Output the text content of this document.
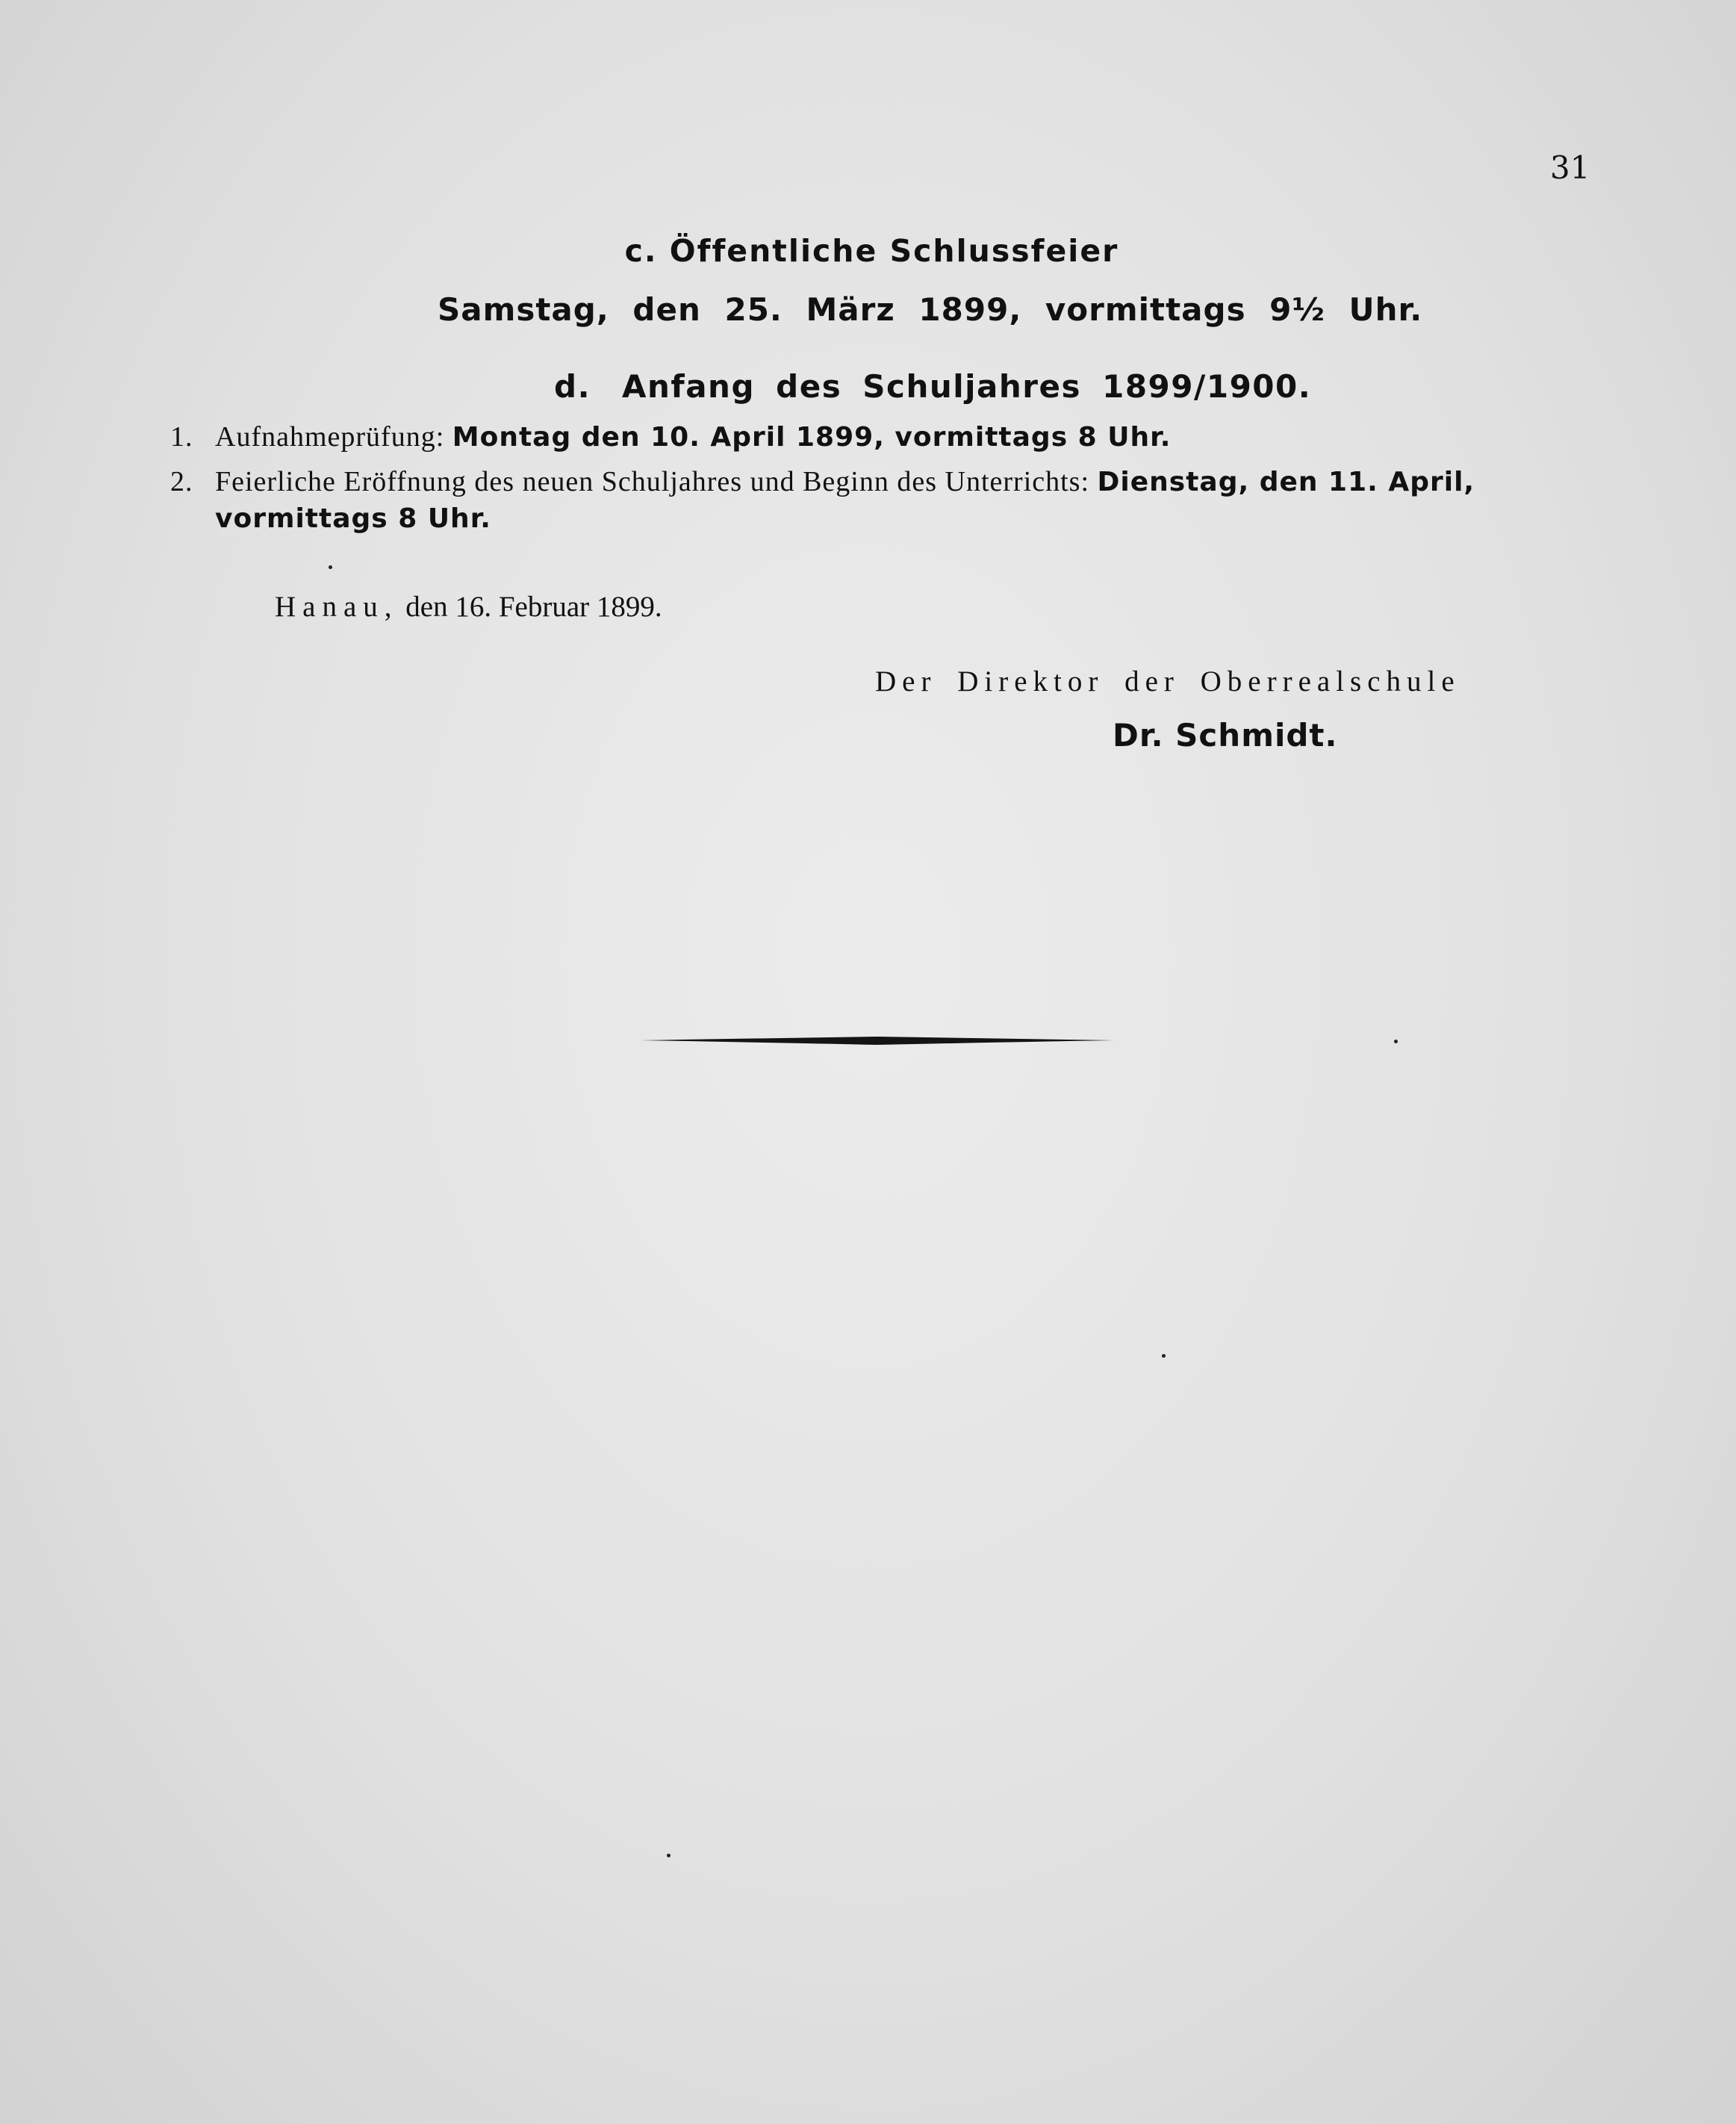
31
c. Öffentliche Schlussfeier
Samstag, den 25. März 1899, vormittags 9½ Uhr.
d. Anfang des Schuljahres 1899/1900.
1. Aufnahmeprüfung: Montag den 10. April 1899, vormittags 8 Uhr.
2. Feierliche Eröffnung des neuen Schuljahres und Beginn des Unterrichts: Dienstag, den 11. April,
vormittags 8 Uhr.
Hanau, den 16. Februar 1899.
Der Direktor der Oberrealschule
Dr. Schmidt.
